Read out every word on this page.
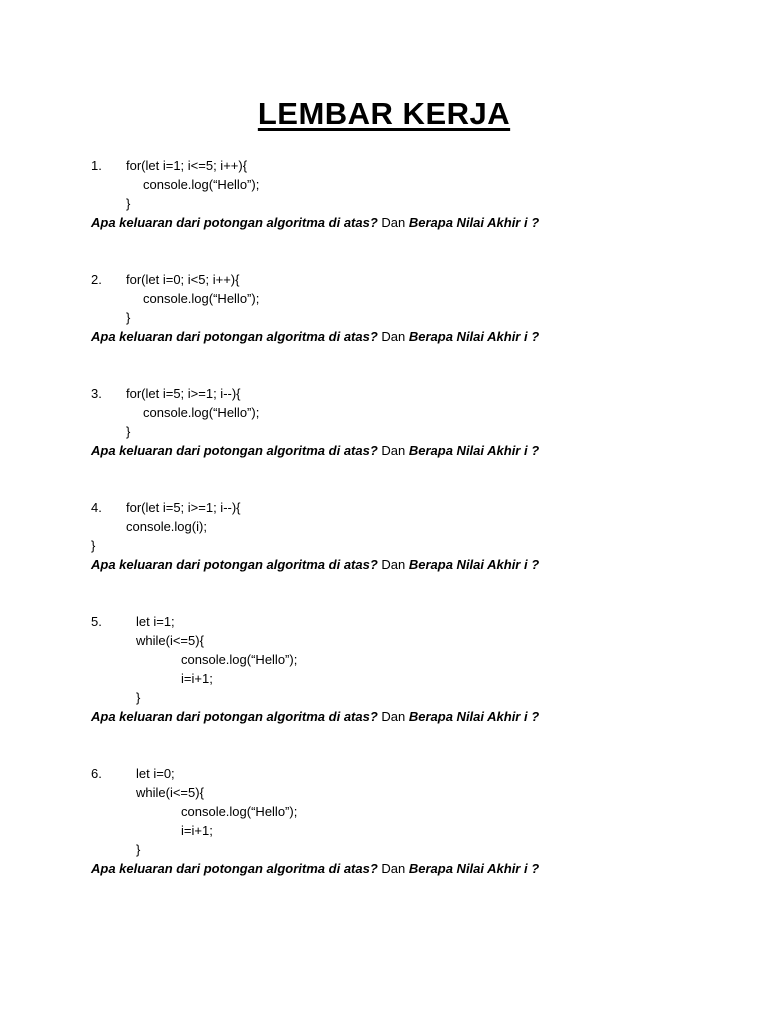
LEMBAR KERJA
1. for(let i=1; i<=5; i++){
console.log(“Hello”);
}
Apa keluaran dari potongan algoritma di atas? Dan Berapa Nilai Akhir i ?
2. for(let i=0; i<5; i++){
console.log(“Hello”);
}
Apa keluaran dari potongan algoritma di atas? Dan Berapa Nilai Akhir i ?
3. for(let i=5; i>=1; i--){
console.log(“Hello”);
}
Apa keluaran dari potongan algoritma di atas? Dan Berapa Nilai Akhir i ?
4. for(let i=5; i>=1; i--){
console.log(i);
}
Apa keluaran dari potongan algoritma di atas? Dan Berapa Nilai Akhir i ?
5.	let i=1;
while(i<=5){
console.log(“Hello”);
i=i+1;
}
Apa keluaran dari potongan algoritma di atas? Dan Berapa Nilai Akhir i ?
6.	let i=0;
while(i<=5){
console.log(“Hello”);
i=i+1;
}
Apa keluaran dari potongan algoritma di atas? Dan Berapa Nilai Akhir i ?
